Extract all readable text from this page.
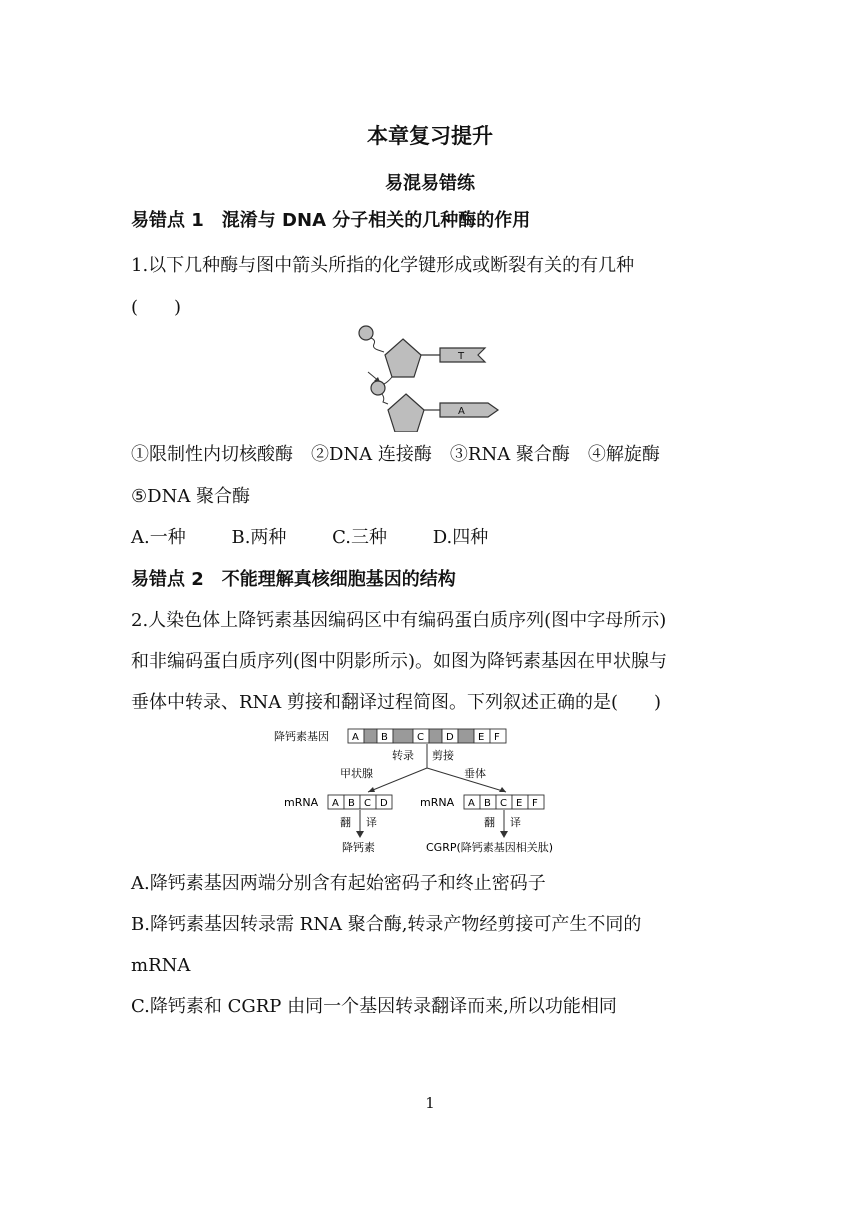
本章复习提升
易混易错练
易错点 1　混淆与 DNA 分子相关的几种酶的作用
1.以下几种酶与图中箭头所指的化学键形成或断裂有关的有几种
(　　)
T
A
①限制性内切核酸酶　②DNA 连接酶　③RNA 聚合酶　④解旋酶
⑤DNA 聚合酶
A.一种	B.两种	C.三种	D.四种
易错点 2　不能理解真核细胞基因的结构
2.人染色体上降钙素基因编码区中有编码蛋白质序列(图中字母所示)
和非编码蛋白质序列(图中阴影所示)。如图为降钙素基因在甲状腺与
垂体中转录、RNA 剪接和翻译过程简图。下列叙述正确的是(　　)
降钙素基因 A B	C D E F
转录 剪接
甲状腺	垂体
mRNA A B C D	mRNA A B C E F
翻 译	翻 译
降钙素	CGRP(降钙素基因相关肽)
A.降钙素基因两端分别含有起始密码子和终止密码子
B.降钙素基因转录需 RNA 聚合酶,转录产物经剪接可产生不同的
mRNA
C.降钙素和 CGRP 由同一个基因转录翻译而来,所以功能相同
1
